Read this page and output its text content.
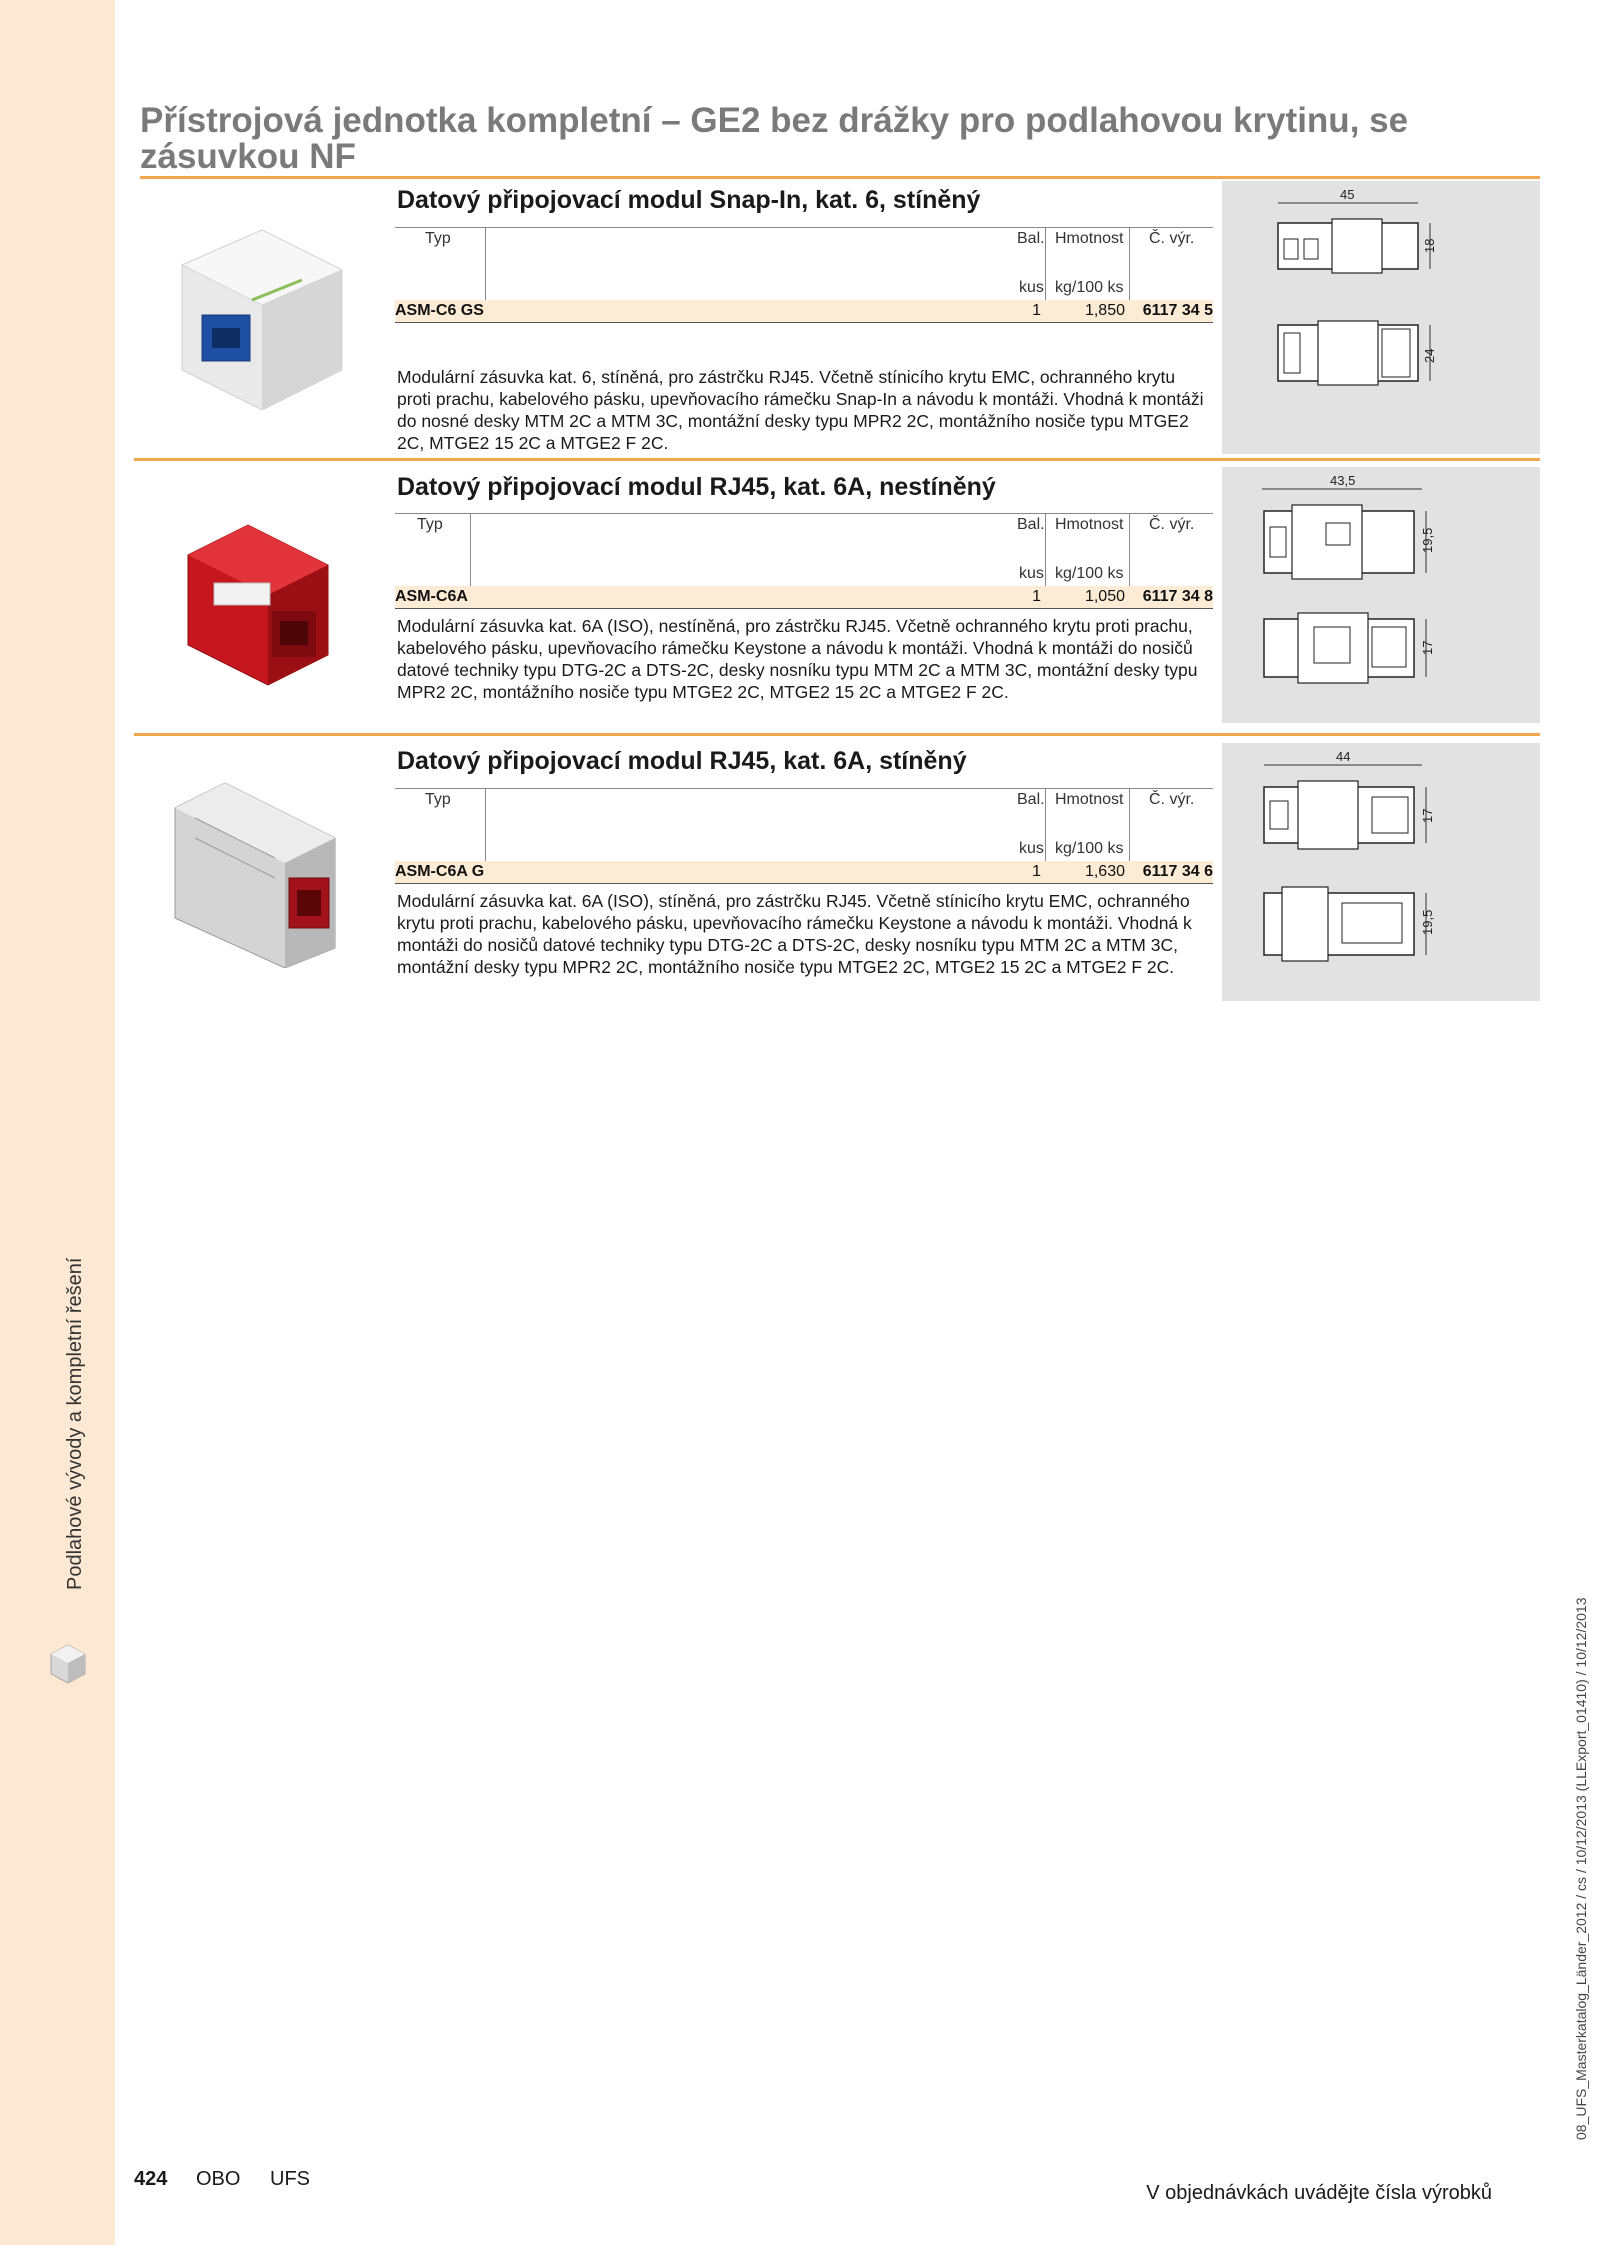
Podlahové vývody a kompletní řešení
Přístrojová jednotka kompletní – GE2 bez drážky pro podlahovou krytinu, se zásuvkou NF
Datový připojovací modul Snap-In, kat. 6, stíněný
Typ	Bal. Hmotnost Č. výr.
kus kg/100 ks
ASM-C6 GS	1	1,850	6117 34 5

Modulární zásuvka kat. 6, stíněná, pro zástrčku RJ45. Včetně stínicího krytu EMC, ochranného krytu proti prachu, kabelového pásku, upevňovacího rámečku Snap-In a návodu k montáži. Vhodná k montáži do nosné desky MTM 2C a MTM 3C, montážní desky typu MPR2 2C, montážního nosiče typu MTGE2 2C, MTGE2 15 2C a MTGE2 F 2C.

45
18
24
Datový připojovací modul RJ45, kat. 6A, nestíněný
Typ	Bal. Hmotnost Č. výr.
kus kg/100 ks
ASM-C6A	1	1,050	6117 34 8

Modulární zásuvka kat. 6A (ISO), nestíněná, pro zástrčku RJ45. Včetně ochranného krytu proti prachu, kabelového pásku, upevňovacího rámečku Keystone a návodu k montáži. Vhodná k montáži do nosičů datové techniky typu DTG-2C a DTS-2C, desky nosníku typu MTM 2C a MTM 3C, montážní desky typu MPR2 2C, montážního nosiče typu MTGE2 2C, MTGE2 15 2C a MTGE2 F 2C.

43,5
19,5
17
Datový připojovací modul RJ45, kat. 6A, stíněný
Typ	Bal. Hmotnost Č. výr.
kus kg/100 ks
ASM-C6A G	1	1,630	6117 34 6

Modulární zásuvka kat. 6A (ISO), stíněná, pro zástrčku RJ45. Včetně stínicího krytu EMC, ochranného krytu proti prachu, kabelového pásku, upevňovacího rámečku Keystone a návodu k montáži. Vhodná k montáži do nosičů datové techniky typu DTG-2C a DTS-2C, desky nosníku typu MTM 2C a MTM 3C, montážní desky typu MPR2 2C, montážního nosiče typu MTGE2 2C, MTGE2 15 2C a MTGE2 F 2C.

44
17
19,5
424 OBO UFS
V objednávkách uvádějte čísla výrobků
08_UFS_Masterkatalog_Länder_2012 / cs / 10/12/2013 (LLExport_01410) / 10/12/2013
